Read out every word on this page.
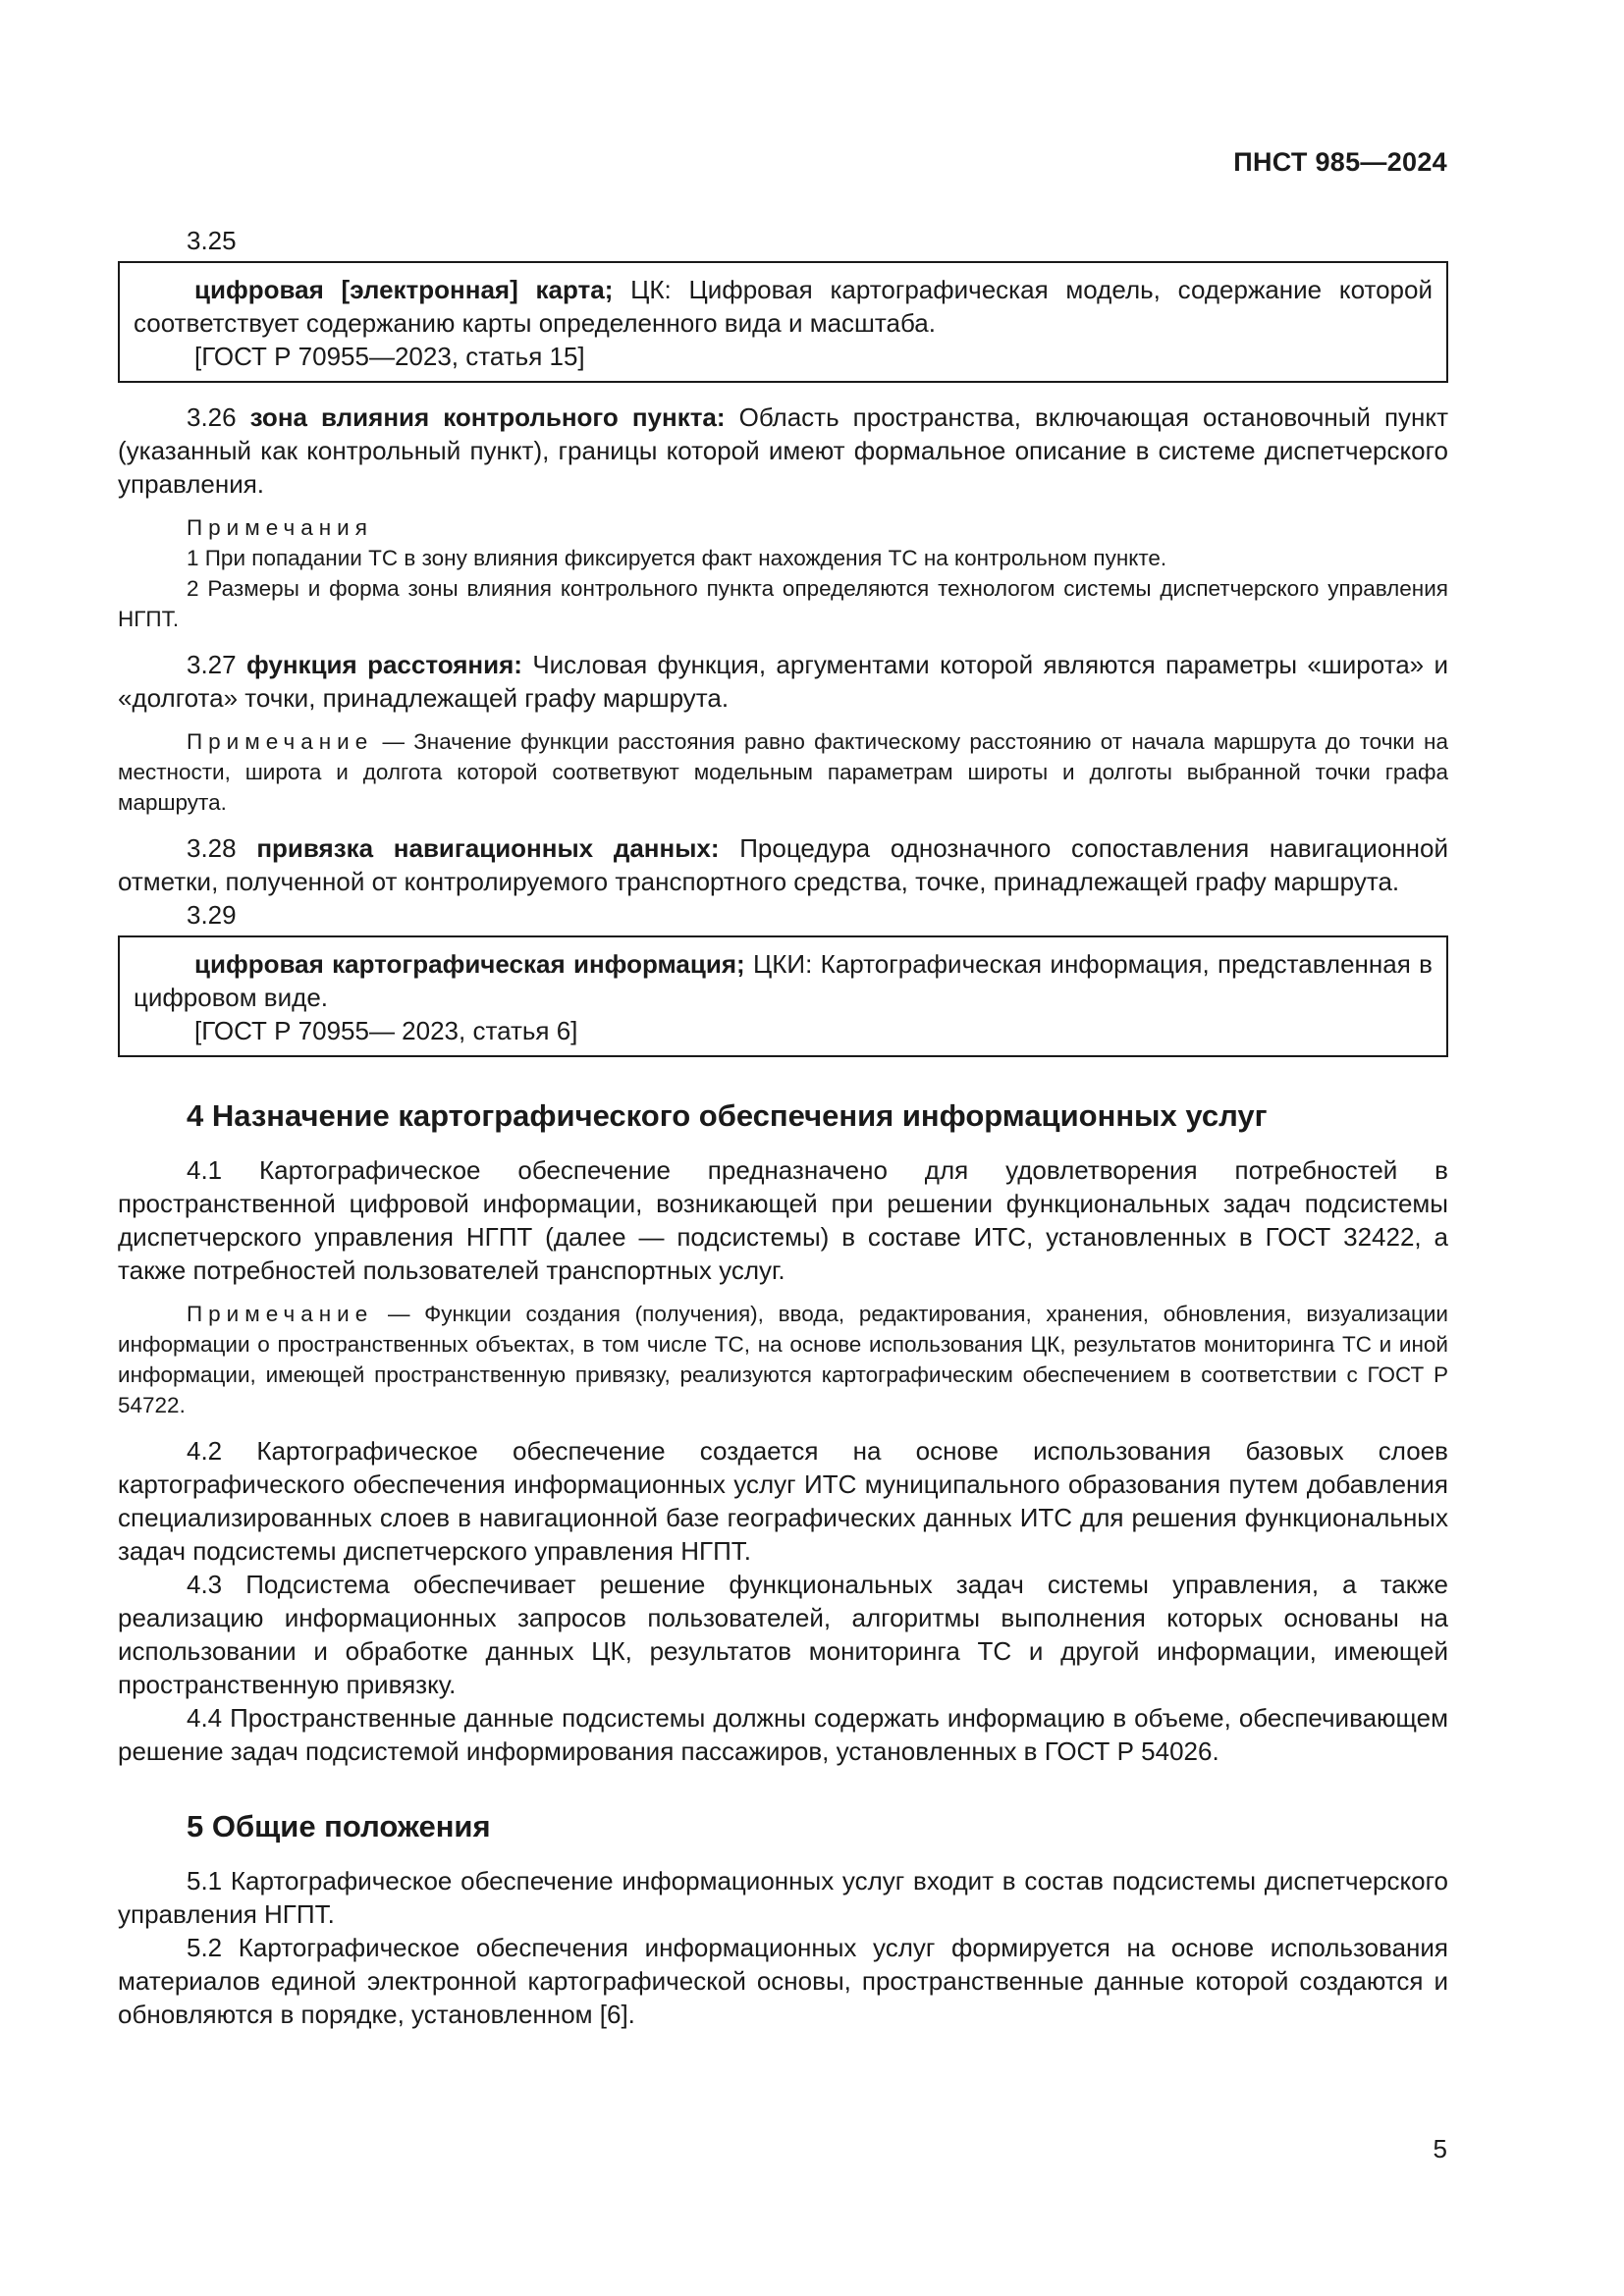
ПНСТ 985—2024

3.25

цифровая [электронная] карта; ЦК: Цифровая картографическая модель, содержание которой соответствует содержанию карты определенного вида и масштаба.

[ГОСТ Р 70955—2023, статья 15]

3.26 зона влияния контрольного пункта: Область пространства, включающая остановочный пункт (указанный как контрольный пункт), границы которой имеют формальное описание в системе диспетчерского управления.

Примечания

1 При попадании ТС в зону влияния фиксируется факт нахождения ТС на контрольном пункте.

2 Размеры и форма зоны влияния контрольного пункта определяются технологом системы диспетчерского управления НГПТ.

3.27 функция расстояния: Числовая функция, аргументами которой являются параметры «широта» и «долгота» точки, принадлежащей графу маршрута.

Примечание — Значение функции расстояния равно фактическому расстоянию от начала маршрута до точки на местности, широта и долгота которой соответвуют модельным параметрам широты и долготы выбранной точки графа маршрута.

3.28 привязка навигационных данных: Процедура однозначного сопоставления навигационной отметки, полученной от контролируемого транспортного средства, точке, принадлежащей графу маршрута.

3.29

цифровая картографическая информация; ЦКИ: Картографическая информация, представленная в цифровом виде.

[ГОСТ Р 70955— 2023, статья 6]

4 Назначение картографического обеспечения информационных услуг

4.1 Картографическое обеспечение предназначено для удовлетворения потребностей в пространственной цифровой информации, возникающей при решении функциональных задач подсистемы диспетчерского управления НГПТ (далее — подсистемы) в составе ИТС, установленных в ГОСТ 32422, а также потребностей пользователей транспортных услуг.

Примечание — Функции создания (получения), ввода, редактирования, хранения, обновления, визуализации информации о пространственных объектах, в том числе ТС, на основе использования ЦК, результатов мониторинга ТС и иной информации, имеющей пространственную привязку, реализуются картографическим обеспечением в соответствии с ГОСТ Р 54722.

4.2 Картографическое обеспечение создается на основе использования базовых слоев картографического обеспечения информационных услуг ИТС муниципального образования путем добавления специализированных слоев в навигационной базе географических данных ИТС для решения функциональных задач подсистемы диспетчерского управления НГПТ.

4.3 Подсистема обеспечивает решение функциональных задач системы управления, а также реализацию информационных запросов пользователей, алгоритмы выполнения которых основаны на использовании и обработке данных ЦК, результатов мониторинга ТС и другой информации, имеющей пространственную привязку.

4.4 Пространственные данные подсистемы должны содержать информацию в объеме, обеспечивающем решение задач подсистемой информирования пассажиров, установленных в ГОСТ Р 54026.

5 Общие положения

5.1 Картографическое обеспечение информационных услуг входит в состав подсистемы диспетчерского управления НГПТ.

5.2 Картографическое обеспечения информационных услуг формируется на основе использования материалов единой электронной картографической основы, пространственные данные которой создаются и обновляются в порядке, установленном [6].

5
